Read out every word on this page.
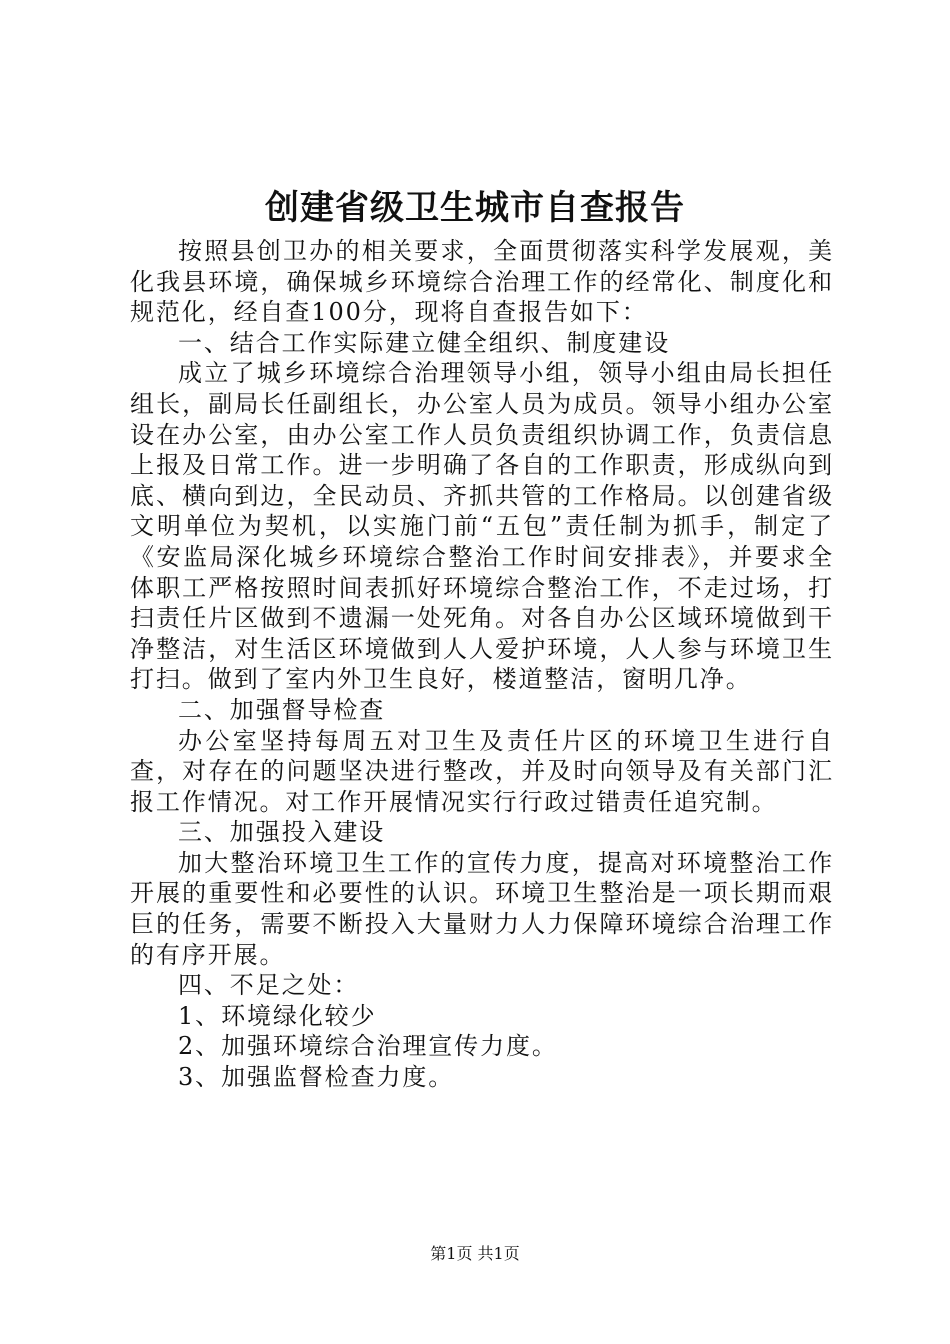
创建省级卫生城市自查报告

按照县创卫办的相关要求，全面贯彻落实科学发展观，美化我县环境，确保城乡环境综合治理工作的经常化、制度化和规范化，经自查100分，现将自查报告如下：

一、结合工作实际建立健全组织、制度建设

成立了城乡环境综合治理领导小组，领导小组由局长担任组长，副局长任副组长，办公室人员为成员。领导小组办公室设在办公室，由办公室工作人员负责组织协调工作，负责信息上报及日常工作。进一步明确了各自的工作职责，形成纵向到底、横向到边，全民动员、齐抓共管的工作格局。以创建省级文明单位为契机，以实施门前“五包”责任制为抓手，制定了《安监局深化城乡环境综合整治工作时间安排表》，并要求全体职工严格按照时间表抓好环境综合整治工作，不走过场，打扫责任片区做到不遗漏一处死角。对各自办公区域环境做到干净整洁，对生活区环境做到人人爱护环境，人人参与环境卫生打扫。做到了室内外卫生良好，楼道整洁，窗明几净。

二、加强督导检查

办公室坚持每周五对卫生及责任片区的环境卫生进行自查，对存在的问题坚决进行整改，并及时向领导及有关部门汇报工作情况。对工作开展情况实行行政过错责任追究制。

三、加强投入建设

加大整治环境卫生工作的宣传力度，提高对环境整治工作开展的重要性和必要性的认识。环境卫生整治是一项长期而艰巨的任务，需要不断投入大量财力人力保障环境综合治理工作的有序开展。

四、不足之处：

1、环境绿化较少

2、加强环境综合治理宣传力度。

3、加强监督检查力度。

第1页 共1页
